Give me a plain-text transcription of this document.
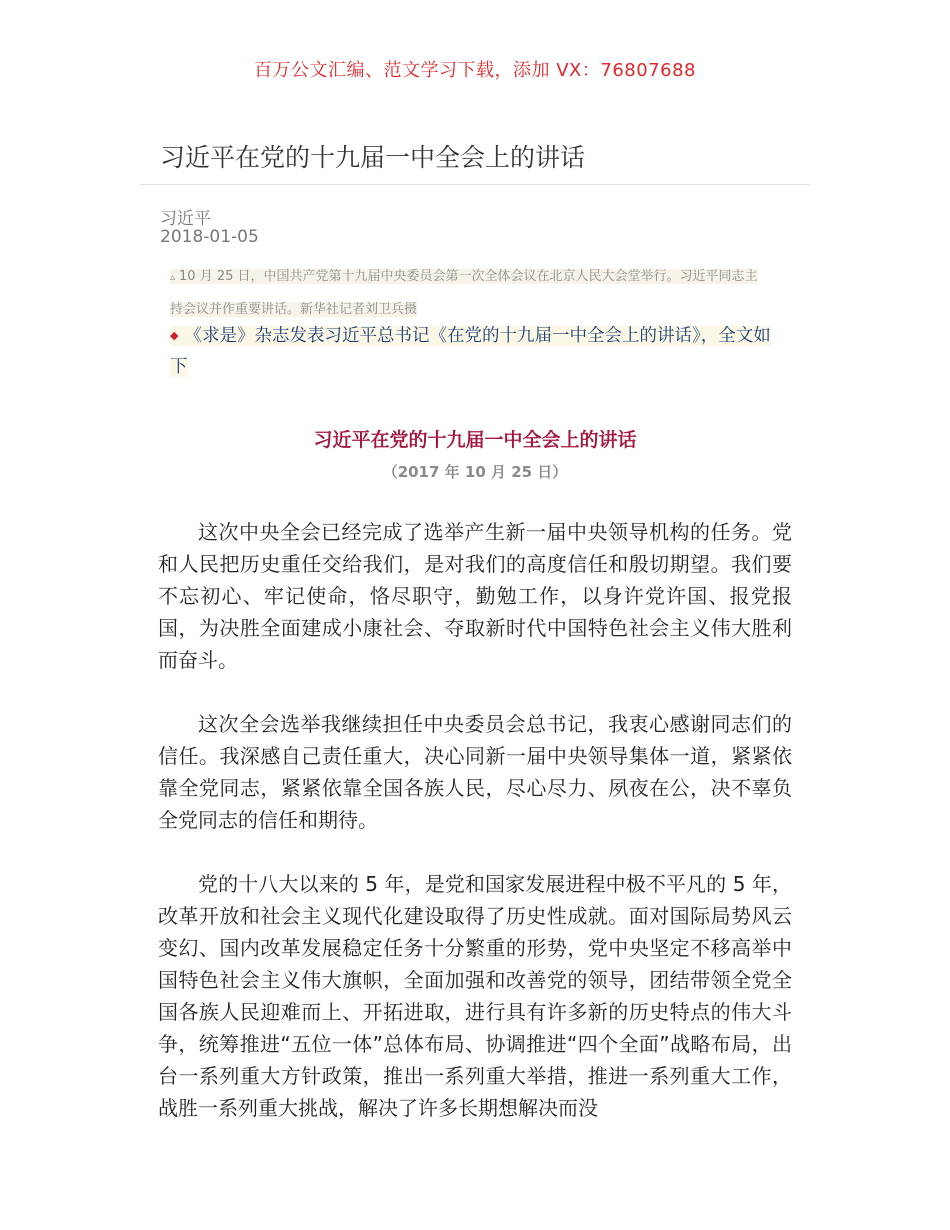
百万公文汇编、范文学习下载，添加 VX：76807688
习近平在党的十九届一中全会上的讲话
习近平
2018-01-05
▵ 10 月 25 日，中国共产党第十九届中央委员会第一次全体会议在北京人民大会堂举行。习近平同志主持会议并作重要讲话。新华社记者刘卫兵摄
◆ 《求是》杂志发表习近平总书记《在党的十九届一中全会上的讲话》，全文如下
习近平在党的十九届一中全会上的讲话
（2017 年 10 月 25 日）

这次中央全会已经完成了选举产生新一届中央领导机构的任务。党和人民把历史重任交给我们，是对我们的高度信任和殷切期望。我们要不忘初心、牢记使命，恪尽职守，勤勉工作，以身许党许国、报党报国，为决胜全面建成小康社会、夺取新时代中国特色社会主义伟大胜利而奋斗。

这次全会选举我继续担任中央委员会总书记，我衷心感谢同志们的信任。我深感自己责任重大，决心同新一届中央领导集体一道，紧紧依靠全党同志，紧紧依靠全国各族人民，尽心尽力、夙夜在公，决不辜负全党同志的信任和期待。

党的十八大以来的 5 年，是党和国家发展进程中极不平凡的 5 年，改革开放和社会主义现代化建设取得了历史性成就。面对国际局势风云变幻、国内改革发展稳定任务十分繁重的形势，党中央坚定不移高举中国特色社会主义伟大旗帜，全面加强和改善党的领导，团结带领全党全国各族人民迎难而上、开拓进取，进行具有许多新的历史特点的伟大斗争，统筹推进“五位一体”总体布局、协调推进“四个全面”战略布局，出台一系列重大方针政策，推出一系列重大举措，推进一系列重大工作，战胜一系列重大挑战，解决了许多长期想解决而没
